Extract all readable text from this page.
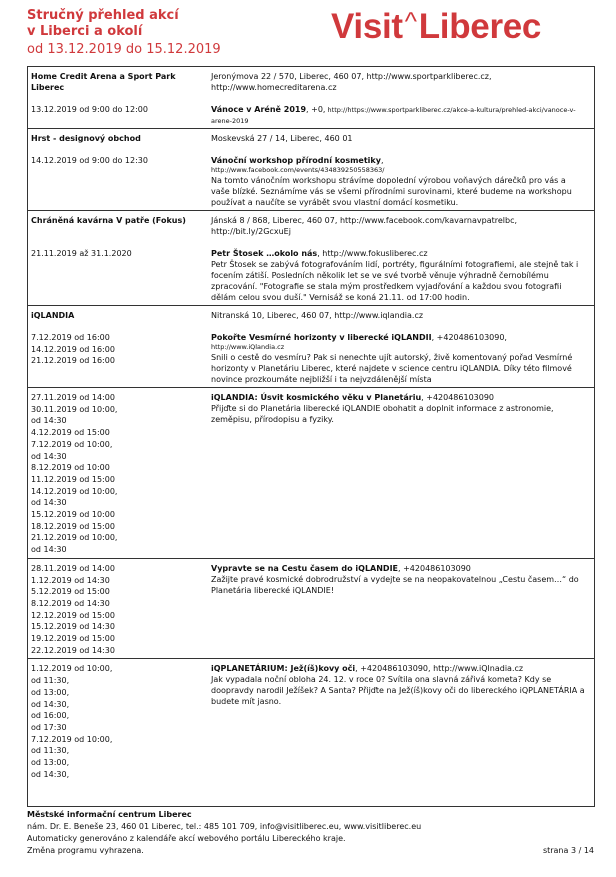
Stručný přehled akcí
v Liberci a okolí
od 13.12.2019 do 15.12.2019
Visit^Liberec
Home Credit Arena a Sport Park Liberec
13.12.2019 od 9:00 do 12:00
Jeronýmova 22 / 570, Liberec, 460 07, http://www.sportparkliberec.cz, http://www.homecreditarena.cz
Vánoce v Aréně 2019, +0, http://https://www.sportparkliberec.cz/akce-a-kultura/prehled-akci/vanoce-v-arene-2019
Hrst - designový obchod
14.12.2019 od 9:00 do 12:30
Moskevská 27 / 14, Liberec, 460 01
Vánoční workshop přírodní kosmetiky,
http://www.facebook.com/events/434839250558363/
Na tomto vánočním workshopu strávíme dopolední výrobou voňavých dárečků pro vás a vaše blízké. Seznámíme vás se všemi přírodními surovinami, které budeme na workshopu používat a naučíte se vyrábět svou vlastní domácí kosmetiku.
Chráněná kavárna V patře (Fokus)
21.11.2019 až 31.1.2020
Jánská 8 / 868, Liberec, 460 07, http://www.facebook.com/kavarnavpatrelbc, http://bit.ly/2GcxuEj
Petr Štosek …okolo nás, http://www.fokusliberec.cz
Petr Štosek se zabývá fotografováním lidí, portréty, figurálními fotografiemi, ale stejně tak i focením zátiší. Posledních několik let se ve své tvorbě věnuje výhradně černobílému zpracování. "Fotografie se stala mým prostředkem vyjadřování a každou svou fotografii dělám celou svou duší." Vernisáž se koná 21.11. od 17:00 hodin.
iQLANDIA
7.12.2019 od 16:00
14.12.2019 od 16:00
21.12.2019 od 16:00
Nitranská 10, Liberec, 460 07, http://www.iqlandia.cz
Pokořte Vesmírné horizonty v liberecké iQLANDII, +420486103090,
http://www.iQlandia.cz
Snili o cestě do vesmíru? Pak si nenechte ujít autorský, živě komentovaný pořad Vesmírné horizonty v Planetáriu Liberec, které najdete v science centru iQLANDIA. Díky této filmové novince prozkoumáte nejbližší i ta nejvzdálenější místa
27.11.2019 od 14:00
30.11.2019 od 10:00,
od 14:30
4.12.2019 od 15:00
7.12.2019 od 10:00,
od 14:30
8.12.2019 od 10:00
11.12.2019 od 15:00
14.12.2019 od 10:00,
od 14:30
15.12.2019 od 10:00
18.12.2019 od 15:00
21.12.2019 od 10:00,
od 14:30
iQLANDIA: Úsvit kosmického věku v Planetáriu, +420486103090
Přijďte si do Planetária liberecké iQLANDIE obohatit a doplnit informace z astronomie, zeměpisu, přírodopisu a fyziky.
28.11.2019 od 14:00
1.12.2019 od 14:30
5.12.2019 od 15:00
8.12.2019 od 14:30
12.12.2019 od 15:00
15.12.2019 od 14:30
19.12.2019 od 15:00
22.12.2019 od 14:30
Vypravte se na Cestu časem do iQLANDIE, +420486103090
Zažijte pravé kosmické dobrodružství a vydejte se na neopakovatelnou „Cestu časem…“ do Planetária liberecké iQLANDIE!
1.12.2019 od 10:00,
od 11:30,
od 13:00,
od 14:30,
od 16:00,
od 17:30
7.12.2019 od 10:00,
od 11:30,
od 13:00,
od 14:30,
iQPLANETÁRIUM: Jež(íš)kovy oči, +420486103090, http://www.iQlnadia.cz
Jak vypadala noční obloha 24. 12. v roce 0? Svítila ona slavná zářivá kometa? Kdy se doopravdy narodil Ježíšek? A Santa? Přijďte na Jež(íš)kovy oči do libereckého iQPLANETÁRIA a budete mít jasno.
Městské informační centrum Liberec
nám. Dr. E. Beneše 23, 460 01 Liberec, tel.: 485 101 709, info@visitliberec.eu, www.visitliberec.eu
Automaticky generováno z kalendáře akcí webového portálu Libereckého kraje.
Změna programu vyhrazena.	strana 3 / 14
